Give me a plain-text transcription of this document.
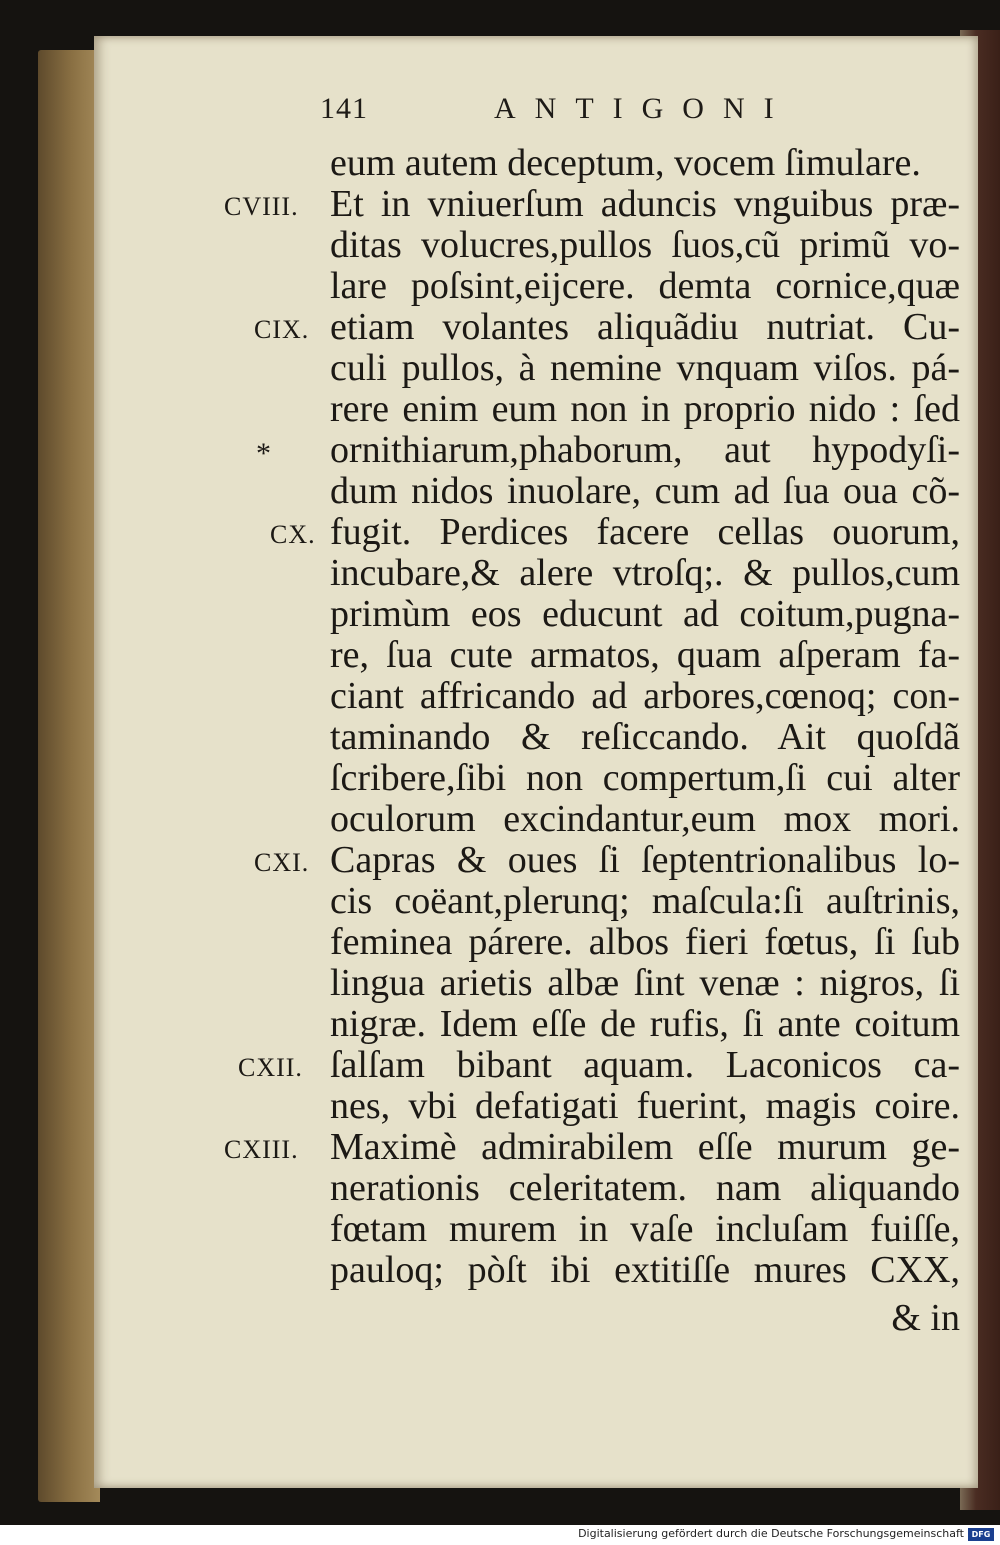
141	ANTIGONI
eum autem deceptum, vocem ſimulare.
Et in vniuerſum aduncis vnguibus præ-
ditas volucres,pullos ſuos,cũ primũ vo-
lare poſsint,eijcere. demta cornice,quæ
etiam volantes aliquãdiu nutriat. Cu-
culi pullos, à nemine vnquam viſos. pá-
rere enim eum non in proprio nido : ſed
ornithiarum,phaborum, aut hypodyſi-
dum nidos inuolare, cum ad ſua oua cõ-
fugit. Perdices facere cellas ouorum,
incubare,& alere vtroſq;. & pullos,cum
primùm eos educunt ad coitum,pugna-
re, ſua cute armatos, quam aſperam fa-
ciant affricando ad arbores,cœnoq; con-
taminando & reſiccando. Ait quoſdã
ſcribere,ſibi non compertum,ſi cui alter
oculorum excindantur,eum mox mori.
Capras & oues ſi ſeptentrionalibus lo-
cis coëant,plerunq; maſcula:ſi auſtrinis,
feminea párere. albos fieri fœtus, ſi ſub
lingua arietis albæ ſint venæ : nigros, ſi
nigræ. Idem eſſe de rufis, ſi ante coitum
ſalſam bibant aquam. Laconicos ca-
nes, vbi defatigati fuerint, magis coire.
Maximè admirabilem eſſe murum ge-
nerationis celeritatem. nam aliquando
fœtam murem in vaſe incluſam fuiſſe,
pauloq; pòſt ibi extitiſſe mures CXX,
& in
CVIII.
CIX.
*
CX.
CXI.
CXII.
CXIII.
Digitalisierung gefördert durch die Deutsche Forschungsgemeinschaft DFG
